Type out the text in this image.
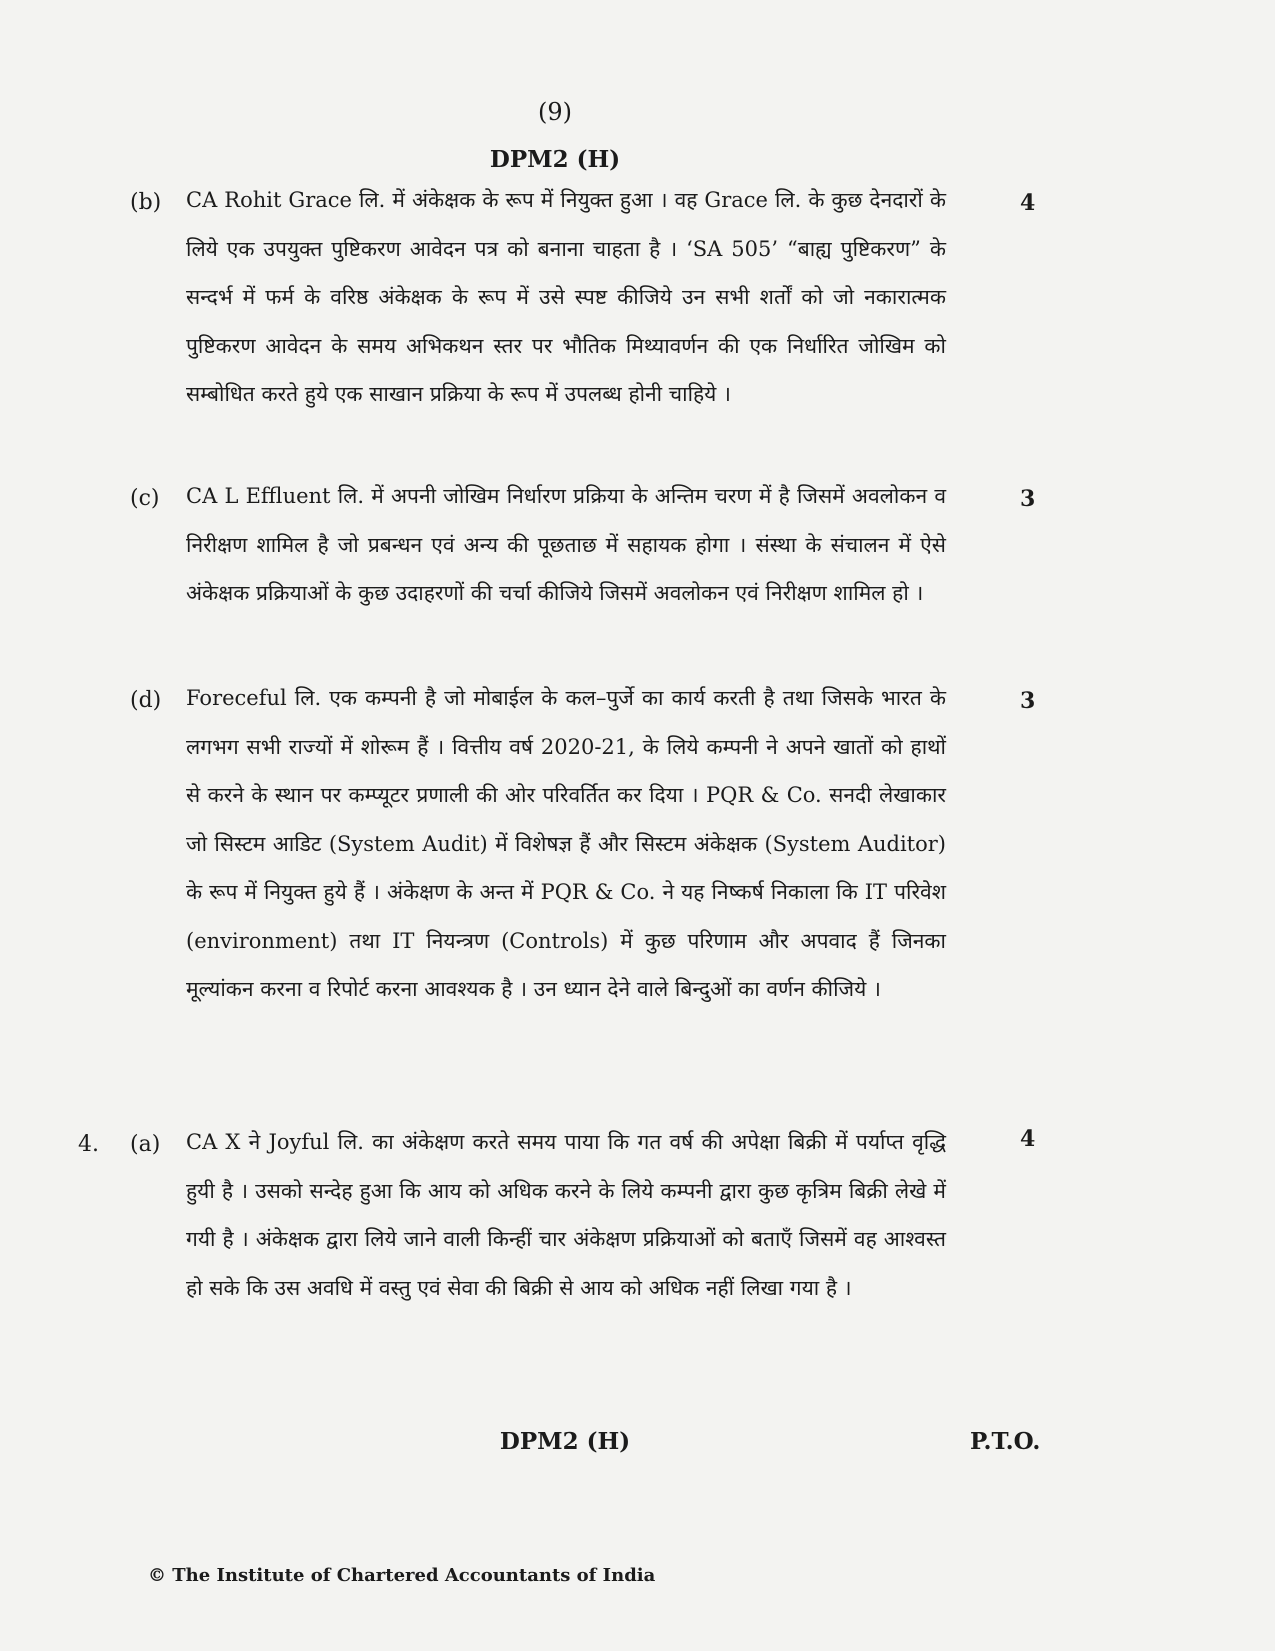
(9)
DPM2 (H)
(b)	4

CA Rohit Grace लि. में अंकेक्षक के रूप में नियुक्त हुआ । वह Grace लि. के कुछ देनदारों के लिये एक उपयुक्त पुष्टिकरण आवेदन पत्र को बनाना चाहता है । ‘SA 505’ “बाह्य पुष्टिकरण” के सन्दर्भ में फर्म के वरिष्ठ अंकेक्षक के रूप में उसे स्पष्ट कीजिये उन सभी शर्तों को जो नकारात्मक पुष्टिकरण आवेदन के समय अभिकथन स्तर पर भौतिक मिथ्यावर्णन की एक निर्धारित जोखिम को सम्बोधित करते हुये एक साखान प्रक्रिया के रूप में उपलब्ध होनी चाहिये ।

(c)	3

CA L Effluent लि. में अपनी जोखिम निर्धारण प्रक्रिया के अन्तिम चरण में है जिसमें अवलोकन व निरीक्षण शामिल है जो प्रबन्धन एवं अन्य की पूछताछ में सहायक होगा । संस्था के संचालन में ऐसे अंकेक्षक प्रक्रियाओं के कुछ उदाहरणों की चर्चा कीजिये जिसमें अवलोकन एवं निरीक्षण शामिल हो ।

(d)	3

Foreceful लि. एक कम्पनी है जो मोबाईल के कल–पुर्जे का कार्य करती है तथा जिसके भारत के लगभग सभी राज्यों में शोरूम हैं । वित्तीय वर्ष 2020-21, के लिये कम्पनी ने अपने खातों को हाथों से करने के स्थान पर कम्प्यूटर प्रणाली की ओर परिवर्तित कर दिया । PQR & Co. सनदी लेखाकार जो सिस्टम आडिट (System Audit) में विशेषज्ञ हैं और सिस्टम अंकेक्षक (System Auditor) के रूप में नियुक्त हुये हैं । अंकेक्षण के अन्त में PQR & Co. ने यह निष्कर्ष निकाला कि IT परिवेश (environment) तथा IT नियन्त्रण (Controls) में कुछ परिणाम और अपवाद हैं जिनका मूल्यांकन करना व रिपोर्ट करना आवश्यक है । उन ध्यान देने वाले बिन्दुओं का वर्णन कीजिये ।

4. (a)	4

CA X ने Joyful लि. का अंकेक्षण करते समय पाया कि गत वर्ष की अपेक्षा बिक्री में पर्याप्त वृद्धि हुयी है । उसको सन्देह हुआ कि आय को अधिक करने के लिये कम्पनी द्वारा कुछ कृत्रिम बिक्री लेखे में गयी है । अंकेक्षक द्वारा लिये जाने वाली किन्हीं चार अंकेक्षण प्रक्रियाओं को बताएँ जिसमें वह आश्वस्त हो सके कि उस अवधि में वस्तु एवं सेवा की बिक्री से आय को अधिक नहीं लिखा गया है ।

DPM2 (H)	P.T.O.
© The Institute of Chartered Accountants of India
